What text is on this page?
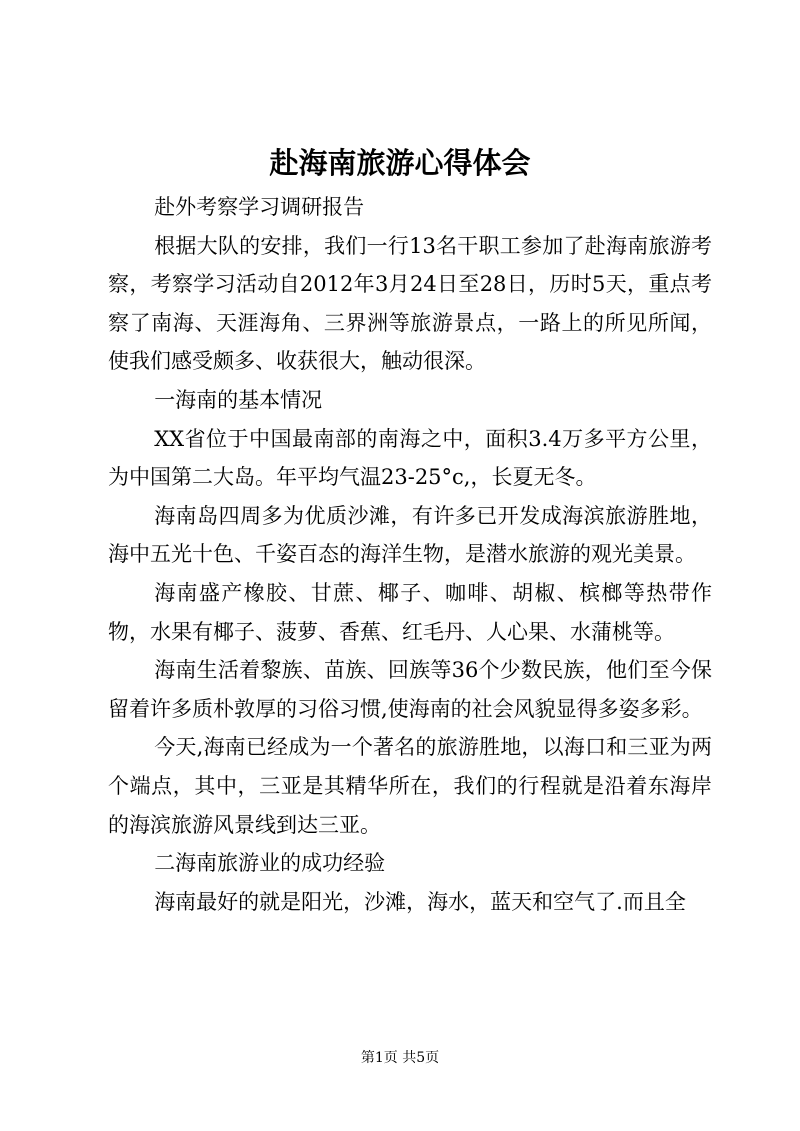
赴海南旅游心得体会

赴外考察学习调研报告

根据大队的安排，我们一行13名干职工参加了赴海南旅游考察，考察学习活动自2012年3月24日至28日，历时5天，重点考察了南海、天涯海角、三界洲等旅游景点，一路上的所见所闻，使我们感受颇多、收获很大，触动很深。

一海南的基本情况

XX省位于中国最南部的南海之中，面积3.4万多平方公里，为中国第二大岛。年平均气温23-25°c,，长夏无冬。

海南岛四周多为优质沙滩，有许多已开发成海滨旅游胜地，海中五光十色、千姿百态的海洋生物，是潜水旅游的观光美景。

海南盛产橡胶、甘蔗、椰子、咖啡、胡椒、槟榔等热带作物，水果有椰子、菠萝、香蕉、红毛丹、人心果、水蒲桃等。

海南生活着黎族、苗族、回族等36个少数民族，他们至今保留着许多质朴敦厚的习俗习惯,使海南的社会风貌显得多姿多彩。

今天,海南已经成为一个著名的旅游胜地，以海口和三亚为两个端点，其中，三亚是其精华所在，我们的行程就是沿着东海岸的海滨旅游风景线到达三亚。

二海南旅游业的成功经验

海南最好的就是阳光，沙滩，海水，蓝天和空气了.而且全

第1页 共5页
